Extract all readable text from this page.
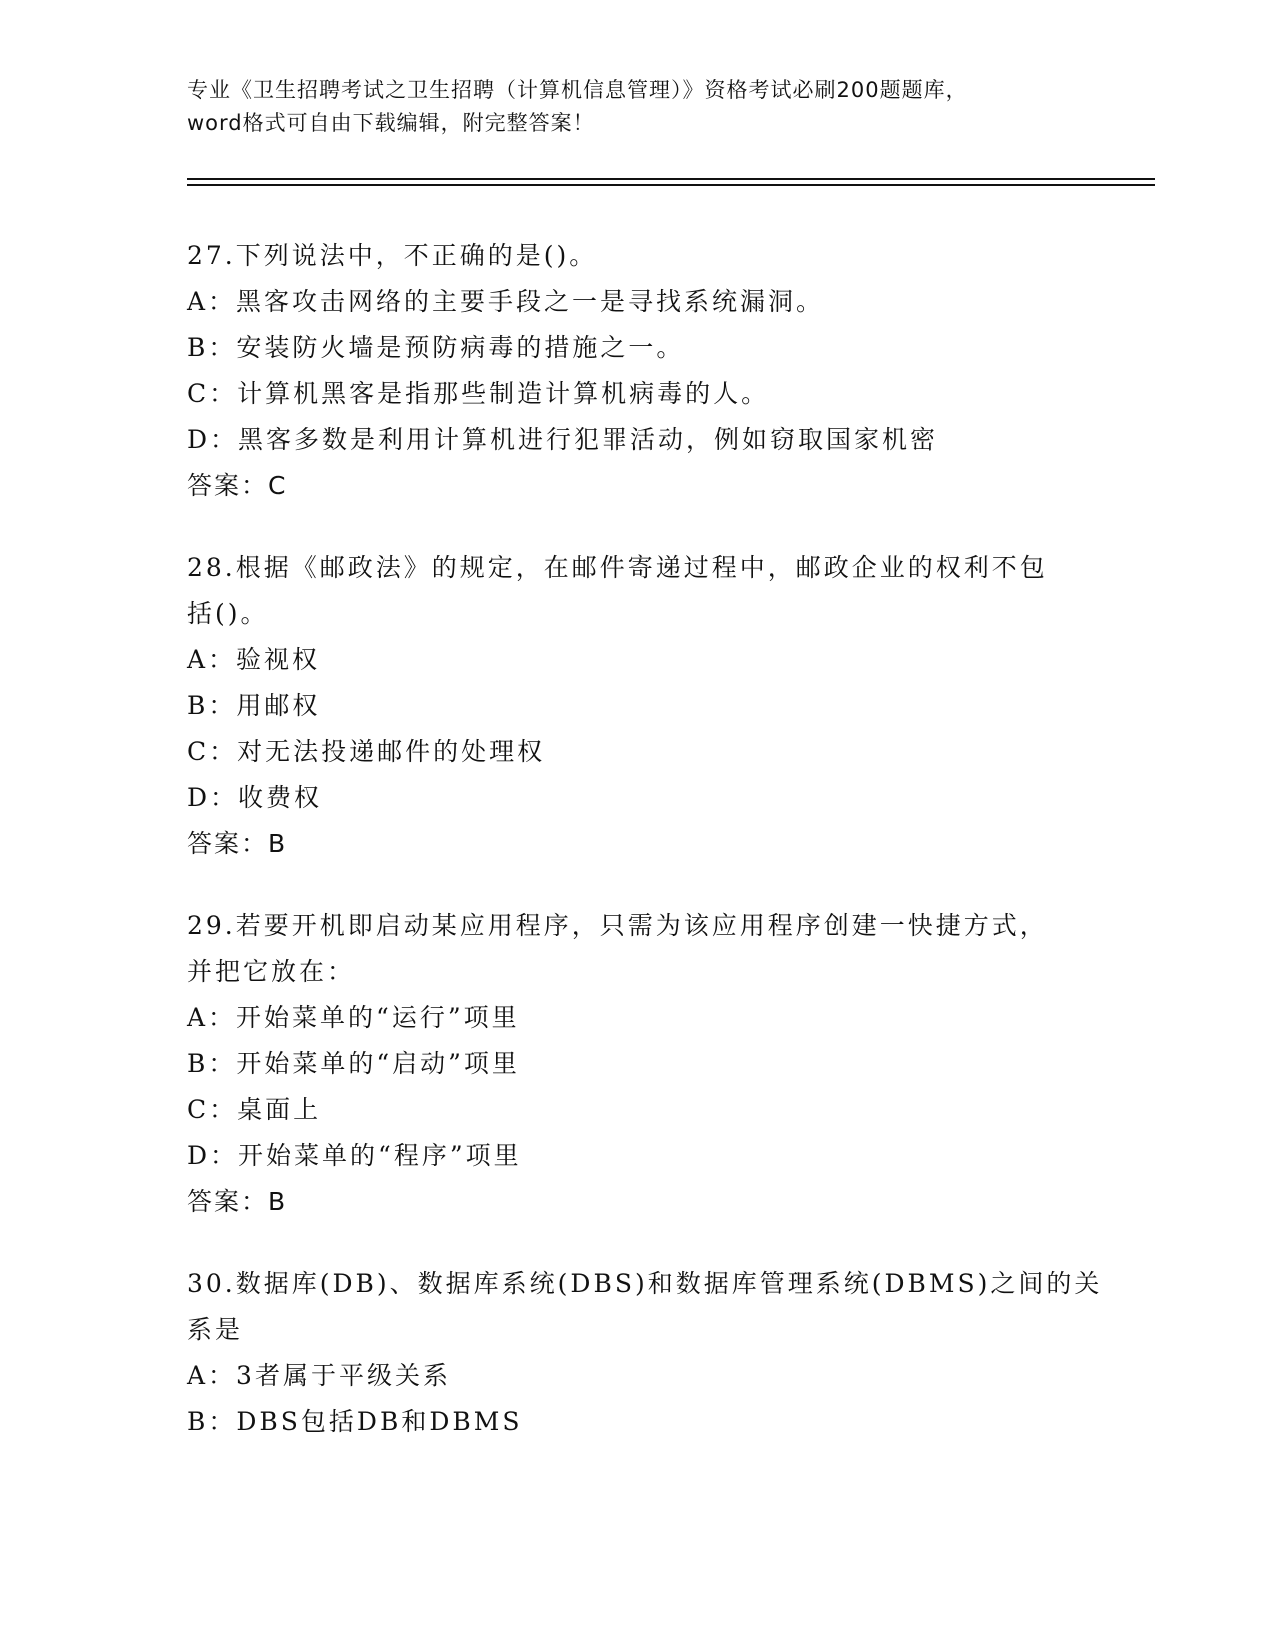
专业《卫生招聘考试之卫生招聘（计算机信息管理）》资格考试必刷200题题库，
word格式可自由下载编辑，附完整答案！
27.下列说法中，不正确的是()。
A：黑客攻击网络的主要手段之一是寻找系统漏洞。
B：安装防火墙是预防病毒的措施之一。
C：计算机黑客是指那些制造计算机病毒的人。
D：黑客多数是利用计算机进行犯罪活动，例如窃取国家机密
答案：C
28.根据《邮政法》的规定，在邮件寄递过程中，邮政企业的权利不包
括()。
A：验视权
B：用邮权
C：对无法投递邮件的处理权
D：收费权
答案：B
29.若要开机即启动某应用程序，只需为该应用程序创建一快捷方式，
并把它放在：
A：开始菜单的“运行”项里
B：开始菜单的“启动”项里
C：桌面上
D：开始菜单的“程序”项里
答案：B
30.数据库(DB)、数据库系统(DBS)和数据库管理系统(DBMS)之间的关
系是
A：3者属于平级关系
B：DBS包括DB和DBMS
